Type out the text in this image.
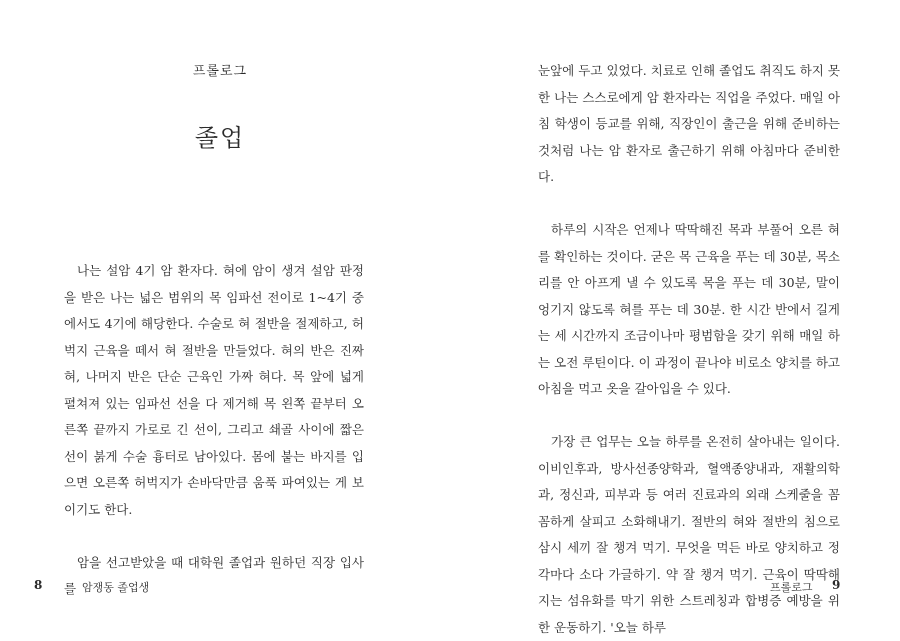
프롤로그
졸업

나는 설암 4기 암 환자다. 혀에 암이 생겨 설암 판정을 받은 나는 넓은 범위의 목 임파선 전이로 1~4기 중에서도 4기에 해당한다. 수술로 혀 절반을 절제하고, 허벅지 근육을 떼서 혀 절반을 만들었다. 혀의 반은 진짜 혀, 나머지 반은 단순 근육인 가짜 혀다. 목 앞에 넓게 펼쳐져 있는 임파선 선을 다 제거해 목 왼쪽 끝부터 오른쪽 끝까지 가로로 긴 선이, 그리고 쇄골 사이에 짧은 선이 붉게 수술 흉터로 남아있다. 몸에 붙는 바지를 입으면 오른쪽 허벅지가 손바닥만큼 움푹 파여있는 게 보이기도 한다.

암을 선고받았을 때 대학원 졸업과 원하던 직장 입사를

8	암쟁동 졸업생

눈앞에 두고 있었다. 치료로 인해 졸업도 취직도 하지 못한 나는 스스로에게 암 환자라는 직업을 주었다. 매일 아침 학생이 등교를 위해, 직장인이 출근을 위해 준비하는 것처럼 나는 암 환자로 출근하기 위해 아침마다 준비한다.

하루의 시작은 언제나 딱딱해진 목과 부풀어 오른 혀를 확인하는 것이다. 굳은 목 근육을 푸는 데 30분, 목소리를 안 아프게 낼 수 있도록 목을 푸는 데 30분, 말이 엉기지 않도록 혀를 푸는 데 30분. 한 시간 반에서 길게는 세 시간까지 조금이나마 평범함을 갖기 위해 매일 하는 오전 루틴이다. 이 과정이 끝나야 비로소 양치를 하고 아침을 먹고 옷을 갈아입을 수 있다.

가장 큰 업무는 오늘 하루를 온전히 살아내는 일이다. 이비인후과, 방사선종양학과, 혈액종양내과, 재활의학과, 정신과, 피부과 등 여러 진료과의 외래 스케줄을 꼼꼼하게 살피고 소화해내기. 절반의 혀와 절반의 침으로 삼시 세끼 잘 챙겨 먹기. 무엇을 먹든 바로 양치하고 정각마다 소다 가글하기. 약 잘 챙겨 먹기. 근육이 딱딱해지는 섬유화를 막기 위한 스트레칭과 합병증 예방을 위한 운동하기. '오늘 하루

프롤로그 9
